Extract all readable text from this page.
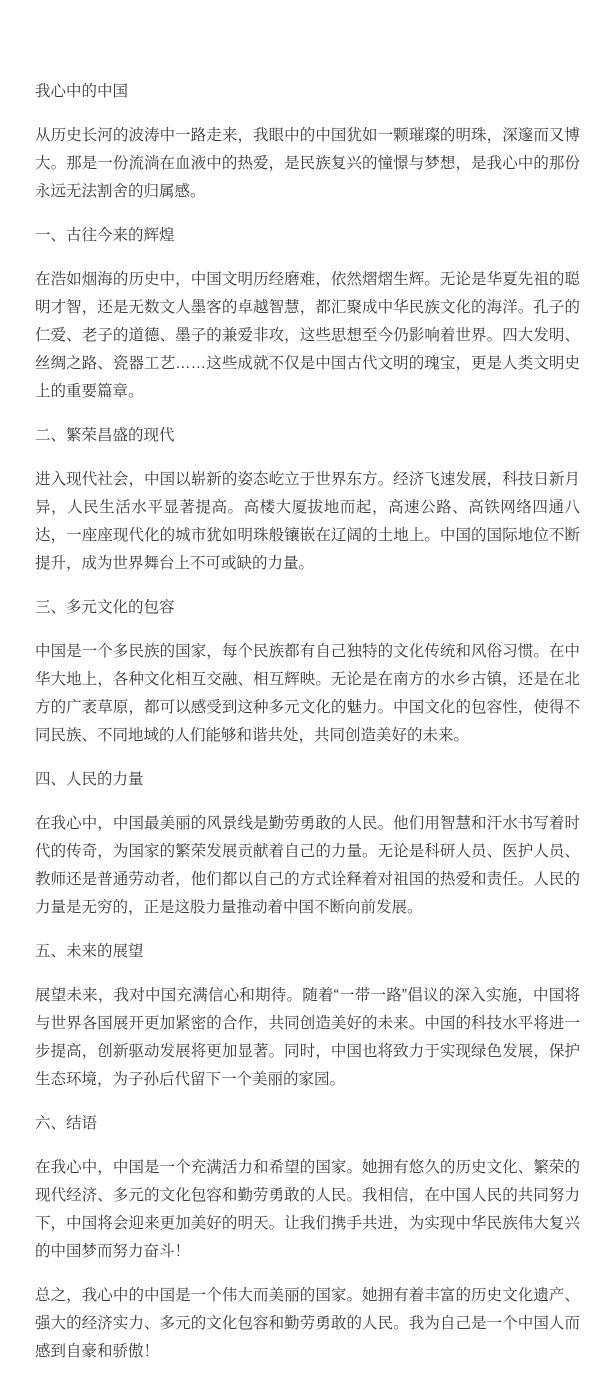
我心中的中国
从历史长河的波涛中一路走来，我眼中的中国犹如一颗璀璨的明珠，深邃而又博大。那是一份流淌在血液中的热爱，是民族复兴的憧憬与梦想，是我心中的那份永远无法割舍的归属感。
一、古往今来的辉煌
在浩如烟海的历史中，中国文明历经磨难，依然熠熠生辉。无论是华夏先祖的聪明才智，还是无数文人墨客的卓越智慧，都汇聚成中华民族文化的海洋。孔子的仁爱、老子的道德、墨子的兼爱非攻，这些思想至今仍影响着世界。四大发明、丝绸之路、瓷器工艺……这些成就不仅是中国古代文明的瑰宝，更是人类文明史上的重要篇章。
二、繁荣昌盛的现代
进入现代社会，中国以崭新的姿态屹立于世界东方。经济飞速发展，科技日新月异，人民生活水平显著提高。高楼大厦拔地而起，高速公路、高铁网络四通八达，一座座现代化的城市犹如明珠般镶嵌在辽阔的土地上。中国的国际地位不断提升，成为世界舞台上不可或缺的力量。
三、多元文化的包容
中国是一个多民族的国家，每个民族都有自己独特的文化传统和风俗习惯。在中华大地上，各种文化相互交融、相互辉映。无论是在南方的水乡古镇，还是在北方的广袤草原，都可以感受到这种多元文化的魅力。中国文化的包容性，使得不同民族、不同地域的人们能够和谐共处，共同创造美好的未来。
四、人民的力量
在我心中，中国最美丽的风景线是勤劳勇敢的人民。他们用智慧和汗水书写着时代的传奇，为国家的繁荣发展贡献着自己的力量。无论是科研人员、医护人员、教师还是普通劳动者，他们都以自己的方式诠释着对祖国的热爱和责任。人民的力量是无穷的，正是这股力量推动着中国不断向前发展。
五、未来的展望
展望未来，我对中国充满信心和期待。随着“一带一路”倡议的深入实施，中国将与世界各国展开更加紧密的合作，共同创造美好的未来。中国的科技水平将进一步提高，创新驱动发展将更加显著。同时，中国也将致力于实现绿色发展，保护生态环境，为子孙后代留下一个美丽的家园。
六、结语
在我心中，中国是一个充满活力和希望的国家。她拥有悠久的历史文化、繁荣的现代经济、多元的文化包容和勤劳勇敢的人民。我相信，在中国人民的共同努力下，中国将会迎来更加美好的明天。让我们携手共进，为实现中华民族伟大复兴的中国梦而努力奋斗！
总之，我心中的中国是一个伟大而美丽的国家。她拥有着丰富的历史文化遗产、强大的经济实力、多元的文化包容和勤劳勇敢的人民。我为自己是一个中国人而感到自豪和骄傲！
